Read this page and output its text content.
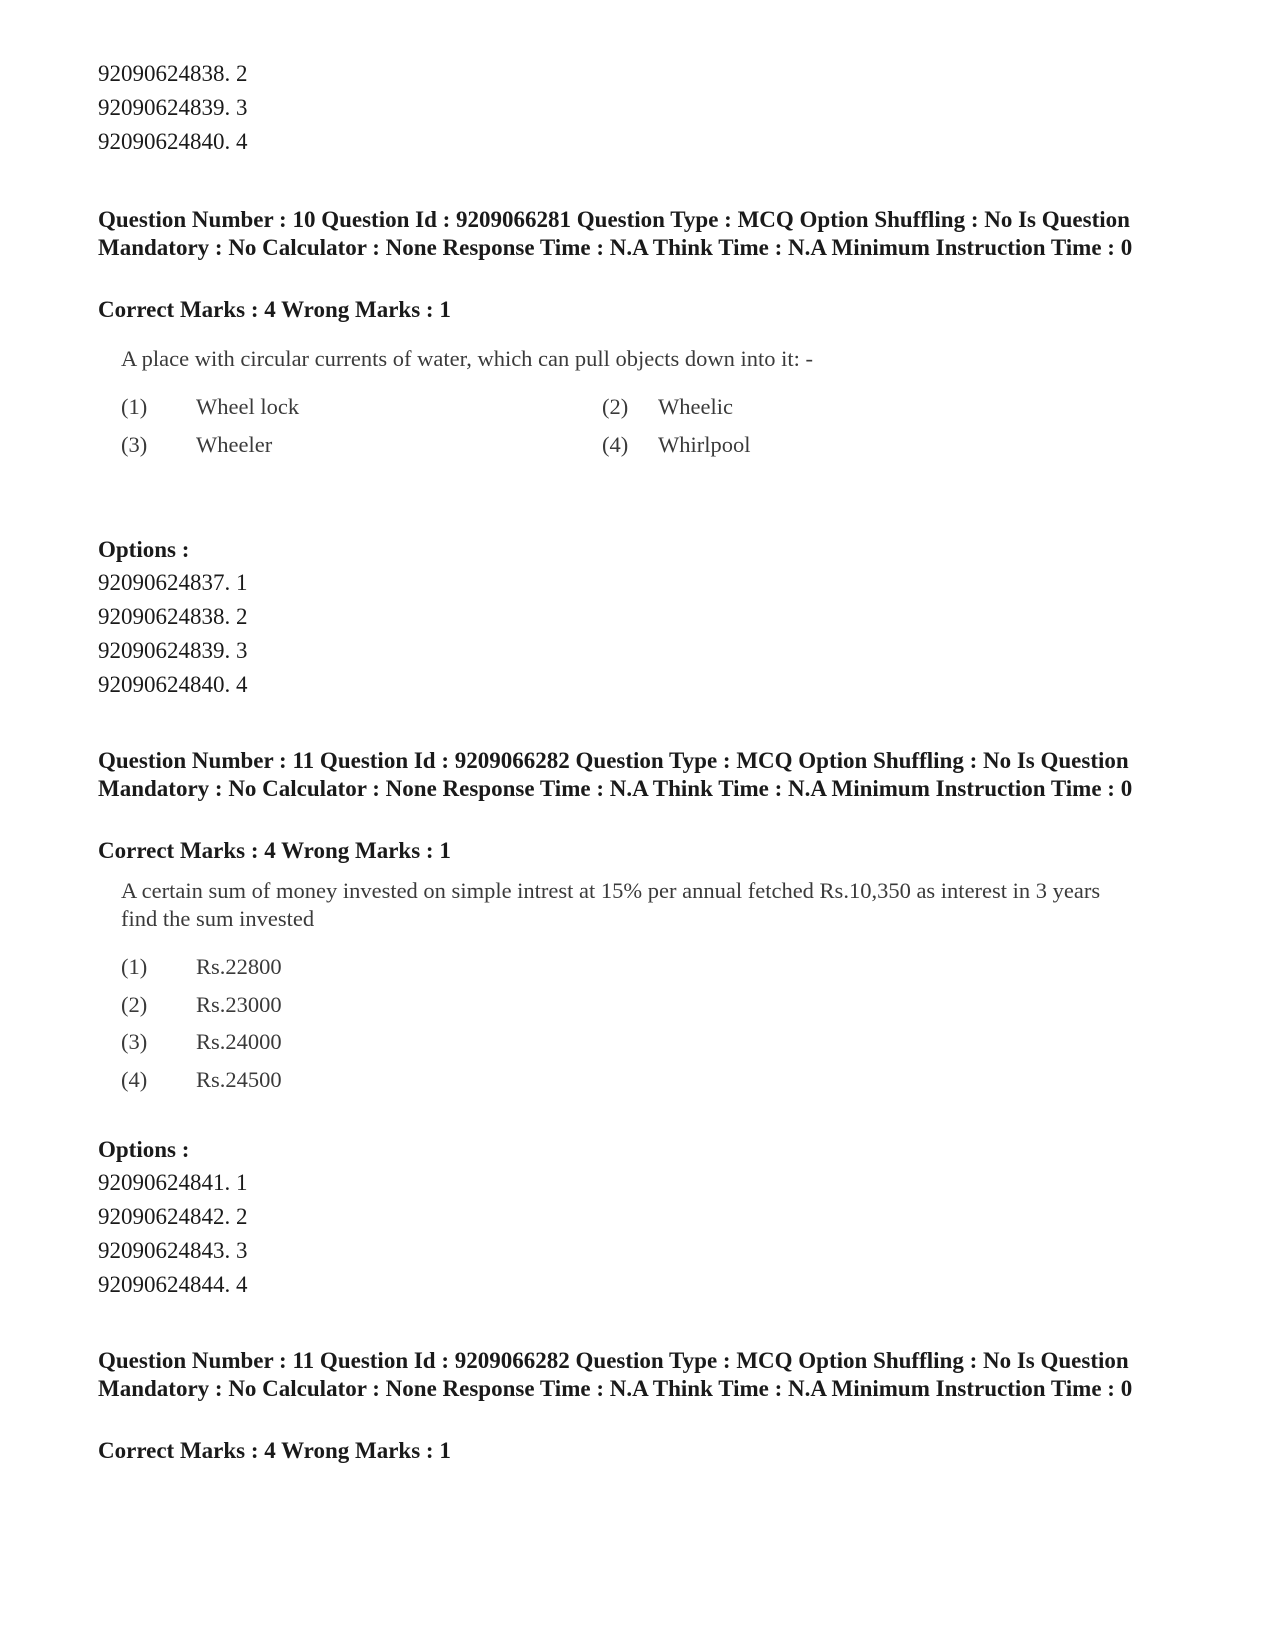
92090624838. 2
92090624839. 3
92090624840. 4
Question Number : 10 Question Id : 9209066281 Question Type : MCQ Option Shuffling : No Is Question Mandatory : No Calculator : None Response Time : N.A Think Time : N.A Minimum Instruction Time : 0
Correct Marks : 4 Wrong Marks : 1
A place with circular currents of water, which can pull objects down into it: -
(1) Wheel lock	(2) Wheelic
(3) Wheeler	(4) Whirlpool
Options :
92090624837. 1
92090624838. 2
92090624839. 3
92090624840. 4
Question Number : 11 Question Id : 9209066282 Question Type : MCQ Option Shuffling : No Is Question Mandatory : No Calculator : None Response Time : N.A Think Time : N.A Minimum Instruction Time : 0
Correct Marks : 4 Wrong Marks : 1
A certain sum of money invested on simple intrest at 15% per annual fetched Rs.10,350 as interest in 3 years find the sum invested
(1) Rs.22800
(2) Rs.23000
(3) Rs.24000
(4) Rs.24500
Options :
92090624841. 1
92090624842. 2
92090624843. 3
92090624844. 4
Question Number : 11 Question Id : 9209066282 Question Type : MCQ Option Shuffling : No Is Question Mandatory : No Calculator : None Response Time : N.A Think Time : N.A Minimum Instruction Time : 0
Correct Marks : 4 Wrong Marks : 1
